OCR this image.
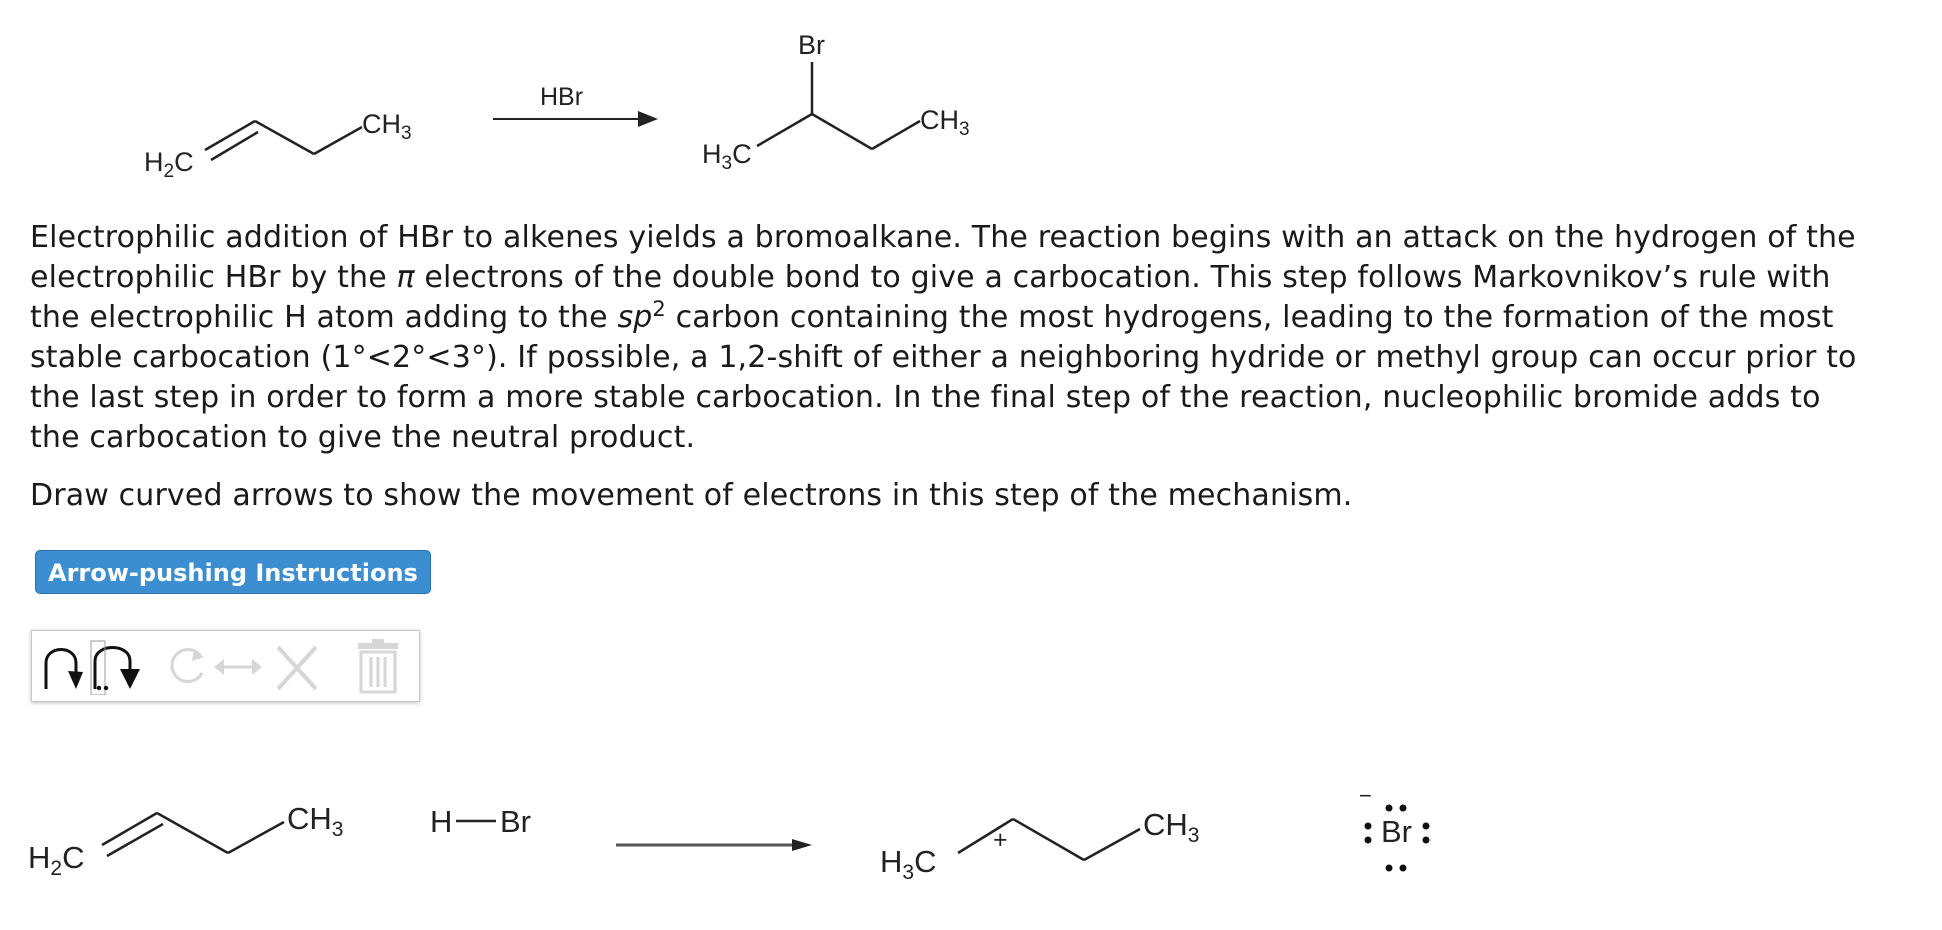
$H_2C$
$CH_3$
HBr
$H_3C$
Br
$CH_3$

Electrophilic addition of HBr to alkenes yields a bromoalkane. The reaction begins with an attack on the hydrogen of the
electrophilic HBr by the π electrons of the double bond to give a carbocation. This step follows Markovnikov’s rule with
the electrophilic H atom adding to the $sp^2$ carbon containing the most hydrogens, leading to the formation of the most
stable carbocation (1°<2°<3°). If possible, a 1,2-shift of either a neighboring hydride or methyl group can occur prior to
the last step in order to form a more stable carbocation. In the final step of the reaction, nucleophilic bromide adds to
the carbocation to give the neutral product.

Draw curved arrows to show the movement of electrons in this step of the mechanism.

Arrow-pushing Instructions
$H_2C$
$CH_3$	H Br
$H_3C$
+	$CH_3$
−
Br
